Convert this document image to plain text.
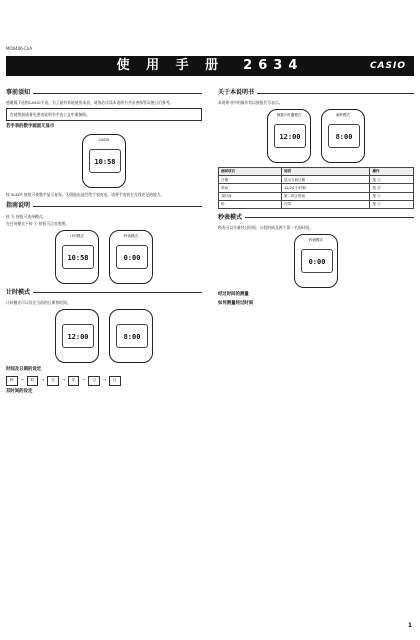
MO0406-CkA
使 用 手 册　2634	CASIO
事前須知

感谢阁下选购CASIO手表。为了最有效地使用本表，请务必详读本说明书并妥善保管以便日后参考。

在使用前请务先要由说明书手表上文中请参阅。
若手表的数字画面无显示
CASIO
10:58

按 SLEEP 按钮可使数字显示复原。太阳能电池会给手表充电，请将手表放在光线充足的地方。

指南说明

按 ⓑ 按钮可选择模式。

在任何模式下按 ⓛ 按钮可点亮照明。

计时模式
10:58
秒表模式
0:00
计时模式

计时模式可以设定当前的日期和时间。

12:00	8:00
时间及日期的设定
秒	→	时	→	分	→	年	→	月	→	日
双时间的设定
关于本说明书

本说明书中的操作均以按钮代号表示。

倒数计时器模式
12:00
闹铃模式
8:00
画面项目	说明	操作
日期	显示当前日期	按 ⓐ
时间	12/24 小时制	按 ⓓ
双时间	第二时区时间	按 ⓒ
秒	归零	按 ⓐ
秒表模式

秒表可以计量经过时间、分段时间及两个第一名的时间。

秒表模式
0:00
经过时间的测量
如何测量经过时间
1
